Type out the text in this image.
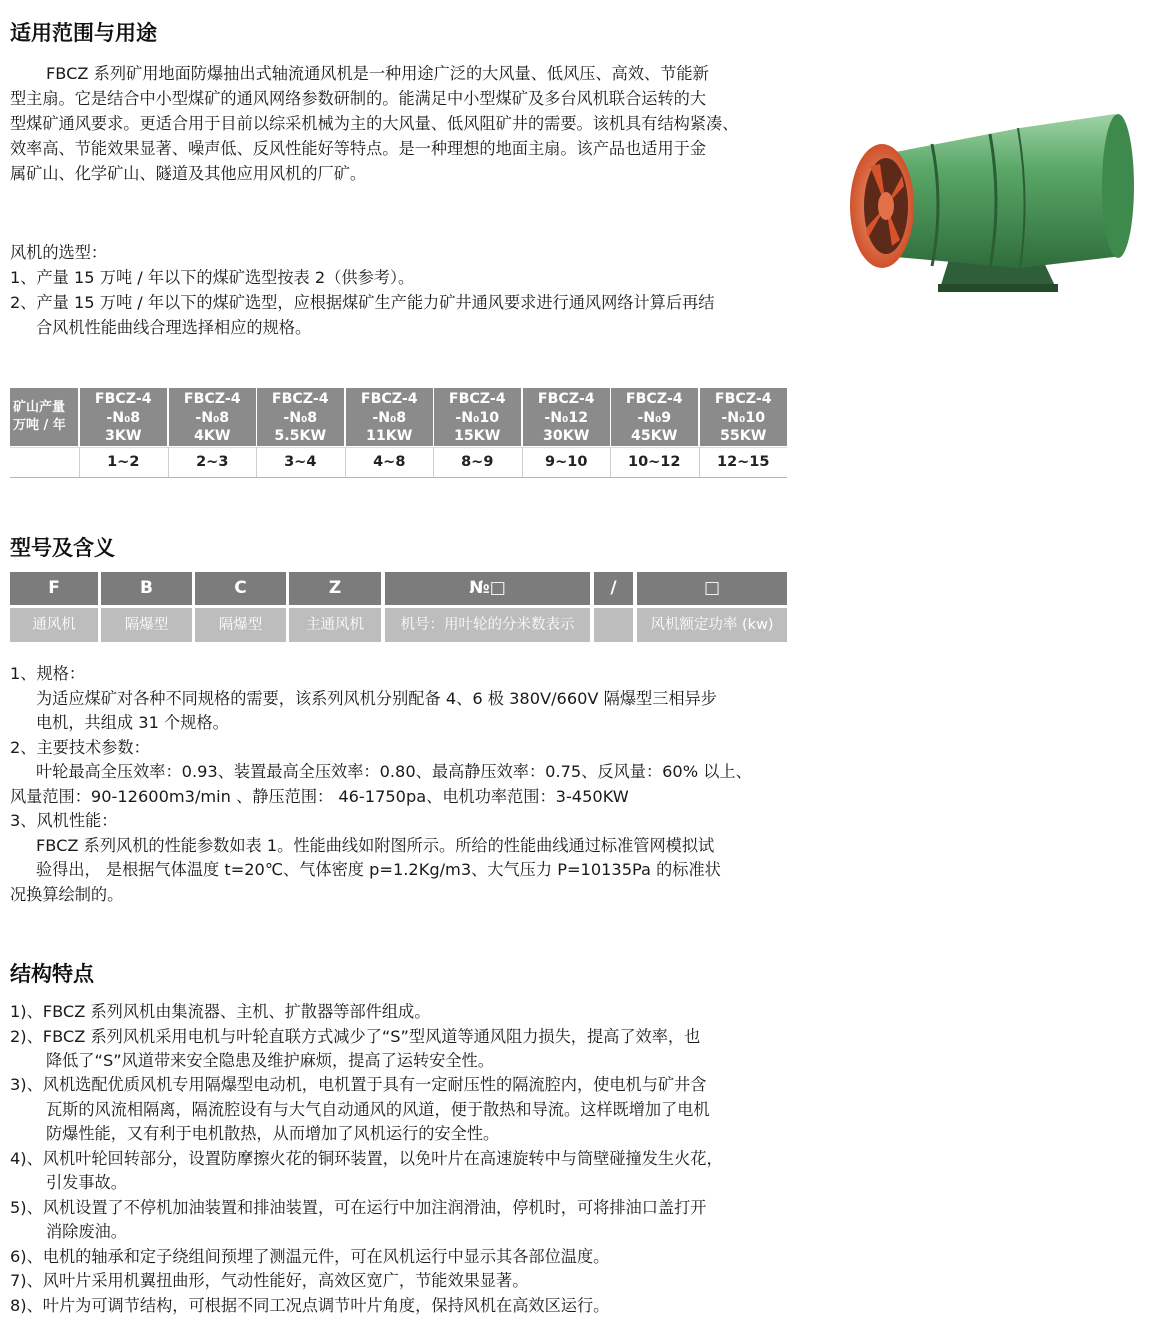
适用范围与用途
FBCZ 系列矿用地面防爆抽出式轴流通风机是一种用途广泛的大风量、低风压、高效、节能新
型主扇。它是结合中小型煤矿的通风网络参数研制的。能满足中小型煤矿及多台风机联合运转的大
型煤矿通风要求。更适合用于目前以综采机械为主的大风量、低风阻矿井的需要。该机具有结构紧凑、
效率高、节能效果显著、噪声低、反风性能好等特点。是一种理想的地面主扇。该产品也适用于金
属矿山、化学矿山、隧道及其他应用风机的厂矿。
风机的选型：
1、产量 15 万吨 / 年以下的煤矿选型按表 2（供参考）。
2、产量 15 万吨 / 年以下的煤矿选型，应根据煤矿生产能力矿井通风要求进行通风网络计算后再结
合风机性能曲线合理选择相应的规格。
矿山产量
万吨 / 年
FBCZ-4
-N₀8
3KW
1~2
FBCZ-4
-N₀8
4KW
2~3
FBCZ-4
-N₀8
5.5KW
3~4
FBCZ-4
-N₀8
11KW
4~8
FBCZ-4
-N₀10
15KW
8~9
FBCZ-4
-N₀12
30KW
9~10
FBCZ-4
-N₀9
45KW
10~12
FBCZ-4
-N₀10
55KW
12~15
型号及含义
F
通风机
B
隔爆型
C
隔爆型
Z
主通风机
№□
机号：用叶轮的分米数表示
/	□
风机额定功率 (kw)
1、规格：
为适应煤矿对各种不同规格的需要，该系列风机分别配备 4、6 极 380V/660V 隔爆型三相异步
电机，共组成 31 个规格。
2、主要技术参数：
叶轮最高全压效率：0.93、装置最高全压效率：0.80、最高静压效率：0.75、反风量：60% 以上、
风量范围：90-12600m3/min 、静压范围： 46-1750pa、电机功率范围：3-450KW
3、风机性能：
FBCZ 系列风机的性能参数如表 1。性能曲线如附图所示。所给的性能曲线通过标准管网模拟试
验得出， 是根据气体温度 t=20℃、气体密度 p=1.2Kg/m3、大气压力 P=10135Pa 的标准状
况换算绘制的。
结构特点
1)、FBCZ 系列风机由集流器、主机、扩散器等部件组成。
2)、FBCZ 系列风机采用电机与叶轮直联方式减少了“S”型风道等通风阻力损失，提高了效率，也
降低了“S”风道带来安全隐患及维护麻烦，提高了运转安全性。
3)、风机选配优质风机专用隔爆型电动机，电机置于具有一定耐压性的隔流腔内，使电机与矿井含
瓦斯的风流相隔离，隔流腔设有与大气自动通风的风道，便于散热和导流。这样既增加了电机
防爆性能，又有利于电机散热，从而增加了风机运行的安全性。
4)、风机叶轮回转部分，设置防摩擦火花的铜环装置，以免叶片在高速旋转中与筒壁碰撞发生火花，
引发事故。
5)、风机设置了不停机加油装置和排油装置，可在运行中加注润滑油，停机时，可将排油口盖打开
消除废油。
6)、电机的轴承和定子绕组间预埋了测温元件，可在风机运行中显示其各部位温度。
7)、风叶片采用机翼扭曲形，气动性能好，高效区宽广，节能效果显著。
8)、叶片为可调节结构，可根据不同工况点调节叶片角度，保持风机在高效区运行。
